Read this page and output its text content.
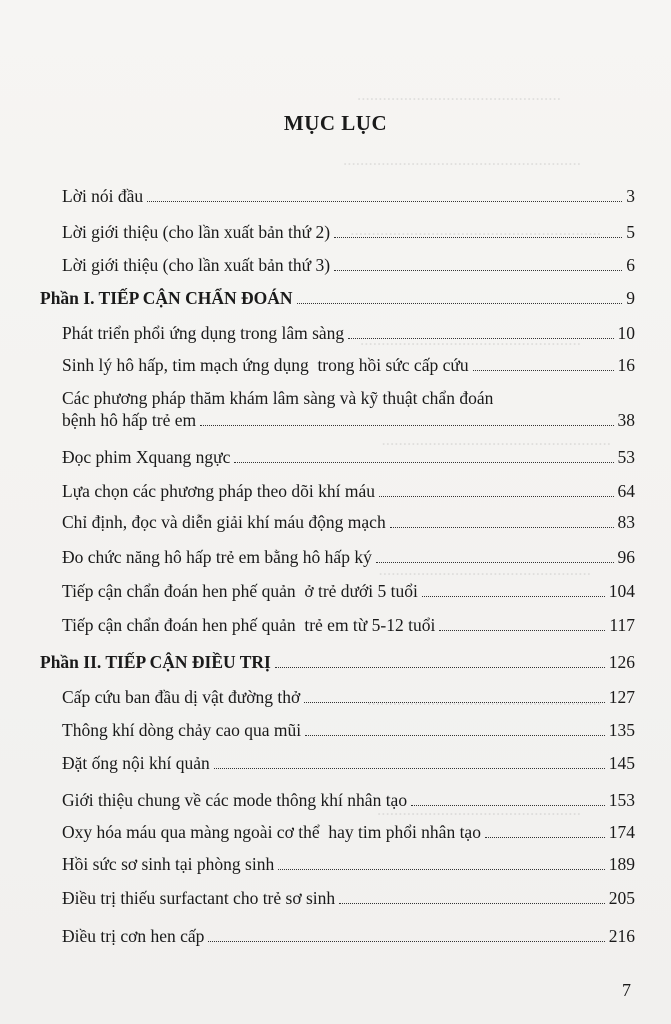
................................................
........................................................
...........................................................
....................................................
......................................................
..................................................
.......................................................
................................................
MỤC LỤC
Lời nói đầu	3
Lời giới thiệu (cho lần xuất bản thứ 2)	5
Lời giới thiệu (cho lần xuất bản thứ 3)	6
Phần I. TIẾP CẬN CHẨN ĐOÁN	9
Phát triển phổi ứng dụng trong lâm sàng	10
Sinh lý hô hấp, tim mạch ứng dụng  trong hồi sức cấp cứu	16
Các phương pháp thăm khám lâm sàng và kỹ thuật chẩn đoán
bệnh hô hấp trẻ em	38
Đọc phim Xquang ngực	53
Lựa chọn các phương pháp theo dõi khí máu	64
Chỉ định, đọc và diễn giải khí máu động mạch	83
Đo chức năng hô hấp trẻ em bằng hô hấp ký	96
Tiếp cận chẩn đoán hen phế quản  ở trẻ dưới 5 tuổi	104
Tiếp cận chẩn đoán hen phế quản  trẻ em từ 5-12 tuổi	117
Phần II. TIẾP CẬN ĐIỀU TRỊ	126
Cấp cứu ban đầu dị vật đường thở	127
Thông khí dòng chảy cao qua mũi	135
Đặt ống nội khí quản	145
Giới thiệu chung về các mode thông khí nhân tạo	153
Oxy hóa máu qua màng ngoài cơ thể  hay tim phổi nhân tạo	174
Hồi sức sơ sinh tại phòng sinh	189
Điều trị thiếu surfactant cho trẻ sơ sinh	205
Điều trị cơn hen cấp	216
7
